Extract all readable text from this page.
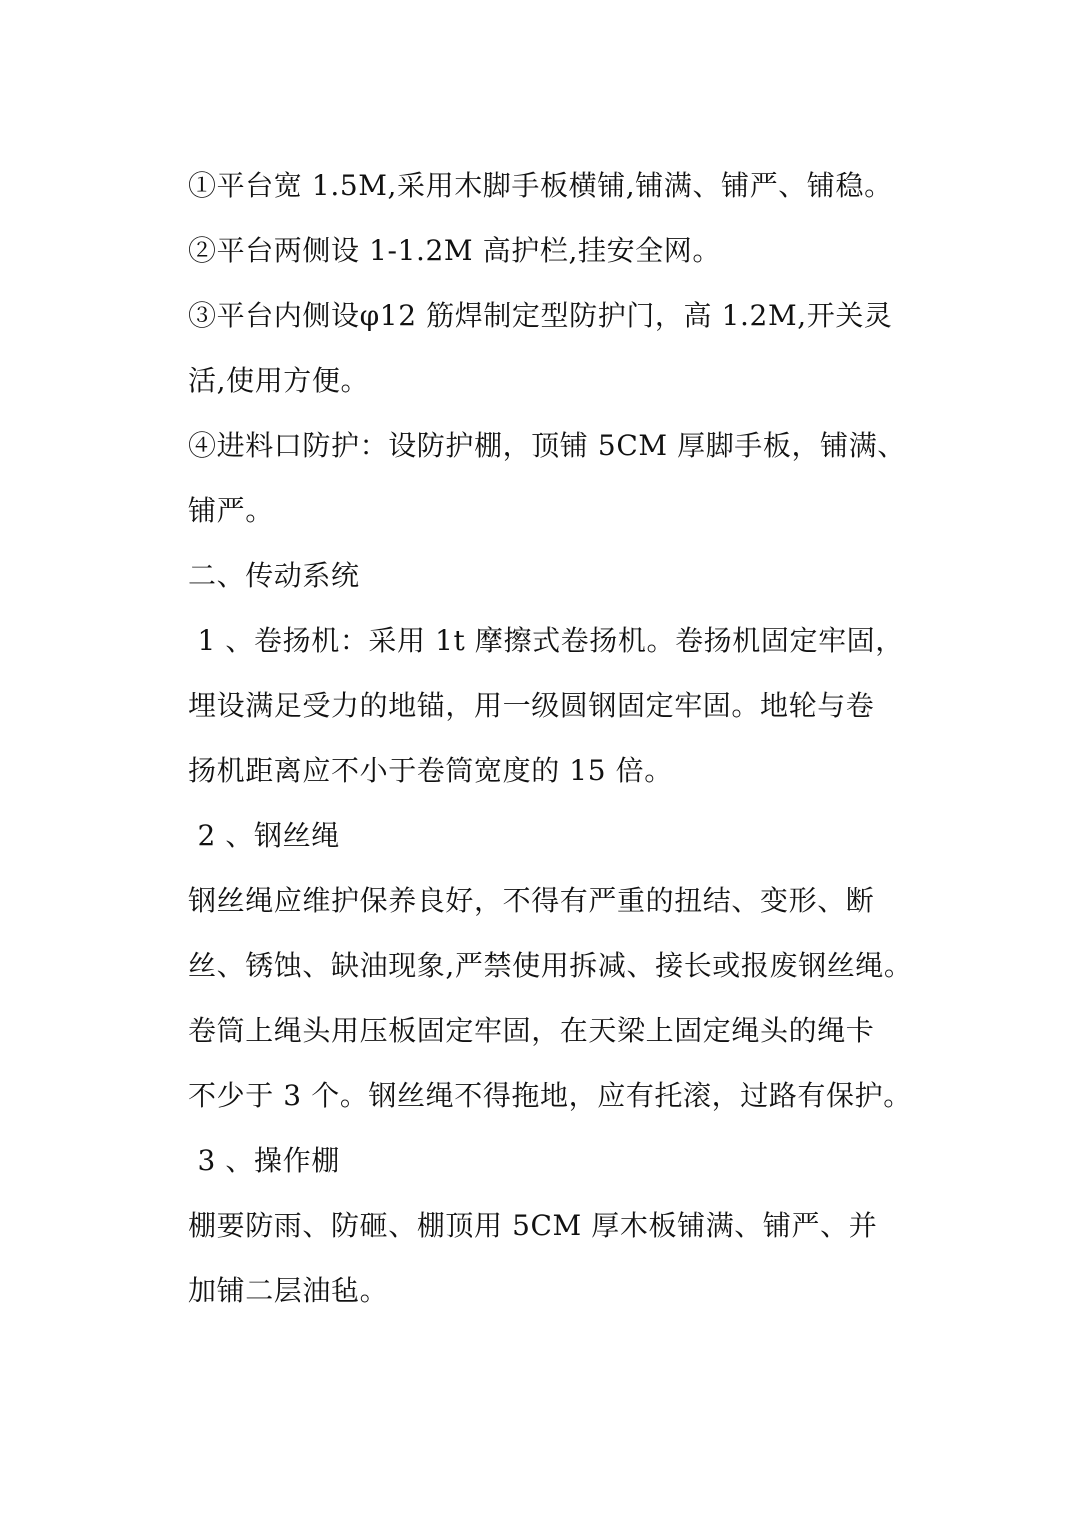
①平台宽 1.5M,采用木脚手板横铺,铺满、铺严、铺稳。
②平台两侧设 1-1.2M 高护栏,挂安全网。
③平台内侧设φ12 筋焊制定型防护门，高 1.2M,开关灵
活,使用方便。
④进料口防护：设防护棚，顶铺 5CM 厚脚手板，铺满、
铺严。
二、传动系统
1 、卷扬机：采用 1t 摩擦式卷扬机。卷扬机固定牢固，
埋设满足受力的地锚，用一级圆钢固定牢固。地轮与卷
扬机距离应不小于卷筒宽度的 15 倍。
2 、钢丝绳
钢丝绳应维护保养良好，不得有严重的扭结、变形、断
丝、锈蚀、缺油现象,严禁使用拆减、接长或报废钢丝绳。
卷筒上绳头用压板固定牢固，在天梁上固定绳头的绳卡
不少于 3 个。钢丝绳不得拖地，应有托滚，过路有保护。
3 、操作棚
棚要防雨、防砸、棚顶用 5CM 厚木板铺满、铺严、并
加铺二层油毡。
